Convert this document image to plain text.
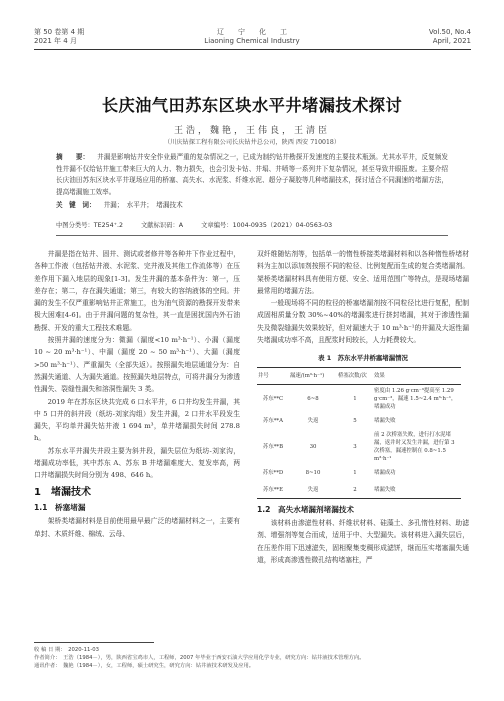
第 50 卷第 4 期
2021 年 4 月
辽　　宁　　化　　工
Liaoning Chemical Industry
Vol.50, No.4
April, 2021
长庆油气田苏东区块水平井堵漏技术探讨
王浩，魏艳，王伟良，王清臣
（川庆钻探工程有限公司长庆钻井总公司，陕西 西安 710018）
摘　　要： 井漏是影响钻井安全作业最严重的复杂情况之一，已成为制约钻井勘探开发速度的主要技术瓶颈。尤其水平井，反复频发性井漏不仅给钻井施工带来巨大的人力、物力损失，也会引发卡钻、井塌、井喷等一系列井下复杂情况，甚至导致井眼报废。主要介绍长庆油田苏东区块水平井现场应用的桥塞、高失水、水泥浆、纤维水泥、超分子凝胶等几种堵漏技术，探讨适合不同漏速的堵漏方法，提高堵漏施工效率。
关　键　词： 井漏；　水平井；　堵漏技术
中图分类号：TE254⁺.2	文献标识码：A	文章编号：1004-0935（2021）04-0563-03

井漏是指在钻井、固井、测试或者修井等各种井下作业过程中，各种工作液（包括钻井液、水泥浆、完井液及其他工作流体等）在压差作用下漏入地层的现象[1-3]。发生井漏的基本条件为：第一，压差存在；第二，存在漏失通道；第三，有较大的容纳液体的空间。井漏的发生不仅严重影响钻井正常施工，也为油气资源的勘探开发带来极大困难[4-6]。由于井漏问题的复杂性，其一直是困扰国内外石油勘探、开发的重大工程技术难题。

按照井漏的速度分为：微漏（漏度<10 m³·h⁻¹）、小漏（漏度 10 ~ 20 m³·h⁻¹）、中漏（漏度 20 ~ 50 m³·h⁻¹）、大漏（漏度>50 m³·h⁻¹）、严重漏失（全部失返）。按照漏失地层通道分为：自然漏失通道、人为漏失通道。按照漏失地层特点，可将井漏分为渗透性漏失、裂缝性漏失和溶洞性漏失 3 类。

2019 年在苏东区块共完成 6 口水平井，6 口井均发生井漏，其中 5 口井的斜井段（纸坊-刘家沟组）发生井漏，2 口井水平段发生漏失，平均单井漏失钻井液 1 694 m³，单井堵漏损失时间 278.8 h。

苏东水平井漏失井段主要为斜井段，漏失层位为纸坊-刘家沟，堵漏成功率低，其中苏东 A、苏东 B 井堵漏难度大、复发率高，两口井堵漏损失时间分别为 498、646 h。

1　堵漏技术
1.1　桥塞堵漏

架桥类堵漏材料是目前使用最早最广泛的堵漏材料之一，主要有单封、木质纤维、棉绒、云母、

双纤维随钻剂等，包括单一的惰性桥接类堵漏材料和以各种惰性桥堵材料为主加以添加剂按照不同的粒径、比例复配而生成的复合类堵漏剂。架桥类堵漏材料具有使用方便、安全、适用范围广等特点，是现场堵漏最常用的堵漏方法。

一般现场将不同的粒径的桥塞堵漏剂按不同粒径比进行复配，配制成固相质量分数 30%~40%的堵漏浆进行挤封堵漏，其对于渗透性漏失及微裂缝漏失效果较好，但对漏速大于 10 m³·h⁻¹的井漏及大返性漏失堵漏成功率不高，且配浆时间较长，人力耗费较大。

表 1　苏东水平井桥塞堵漏情况
井号	漏速/(m³·h⁻¹)	桥塞次数/次	效果
苏东**C	6~8	1	密度由 1.26 g·cm⁻³提高至 1.29 g·cm⁻³，漏速 1.5~2.4 m³·h⁻¹，堵漏成功
苏东**A	失返	5	堵漏失败
苏东**B	30	3	前 2 次桥塞失败，进行打水泥堵漏，返井时又发生井漏，进行第 3 次桥塞，漏速控制在 0.8~1.5 m³·h⁻¹
苏东**D	8~10	1	堵漏成功
苏东**E	失返	2	堵漏失败
1.2　高失水堵漏剂堵漏技术

该材料由渗滤性材料、纤维状材料、硅藻土、多孔惰性材料、助滤剂、增强剂等复合而成，适用于中、大型漏失。该材料进入漏失层后，在压差作用下迅速滤失，固相聚集变稠形成滤饼，继而压实堵塞漏失通道，形成高渗透性微孔结构堵塞柱，严

收 稿 日 期：　2020-11-03
作者简介：　王浩（1984－），男，陕西省宝鸡市人，工程师，2007 年毕业于西安石油大学应用化学专业，研究方向：钻井液技术管理方向。
通讯作者：　魏艳（1984－），女，工程师，硕士研究生，研究方向：钻井液技术研发及应用。
